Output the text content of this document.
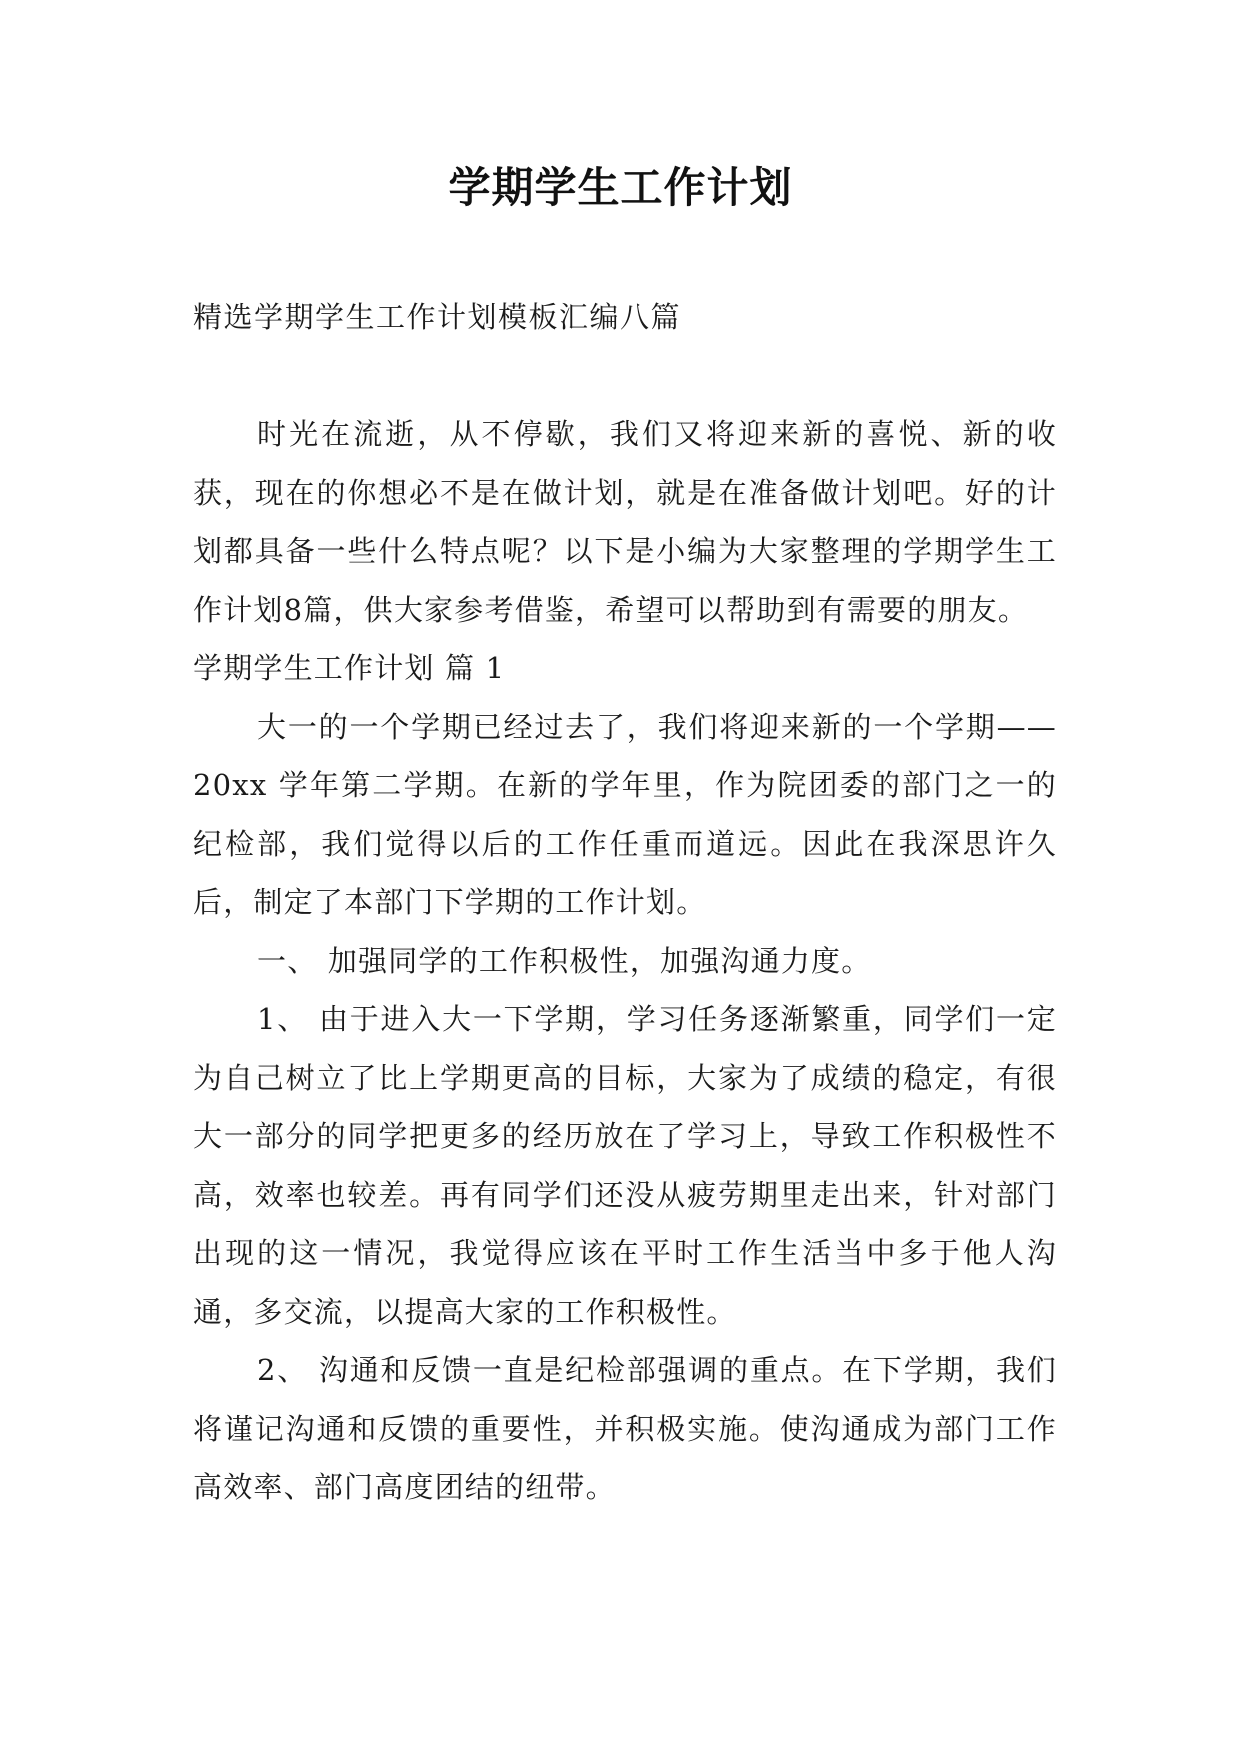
学期学生工作计划
精选学期学生工作计划模板汇编八篇

时光在流逝，从不停歇，我们又将迎来新的喜悦、新的收获，现在的你想必不是在做计划，就是在准备做计划吧。好的计划都具备一些什么特点呢？以下是小编为大家整理的学期学生工作计划8篇，供大家参考借鉴，希望可以帮助到有需要的朋友。

学期学生工作计划 篇 1

大一的一个学期已经过去了，我们将迎来新的一个学期——20xx 学年第二学期。在新的学年里，作为院团委的部门之一的纪检部，我们觉得以后的工作任重而道远。因此在我深思许久后，制定了本部门下学期的工作计划。

一、 加强同学的工作积极性，加强沟通力度。

1、 由于进入大一下学期，学习任务逐渐繁重，同学们一定为自己树立了比上学期更高的目标，大家为了成绩的稳定，有很大一部分的同学把更多的经历放在了学习上，导致工作积极性不高，效率也较差。再有同学们还没从疲劳期里走出来，针对部门出现的这一情况，我觉得应该在平时工作生活当中多于他人沟通，多交流，以提高大家的工作积极性。

2、 沟通和反馈一直是纪检部强调的重点。在下学期，我们将谨记沟通和反馈的重要性，并积极实施。使沟通成为部门工作高效率、部门高度团结的纽带。
